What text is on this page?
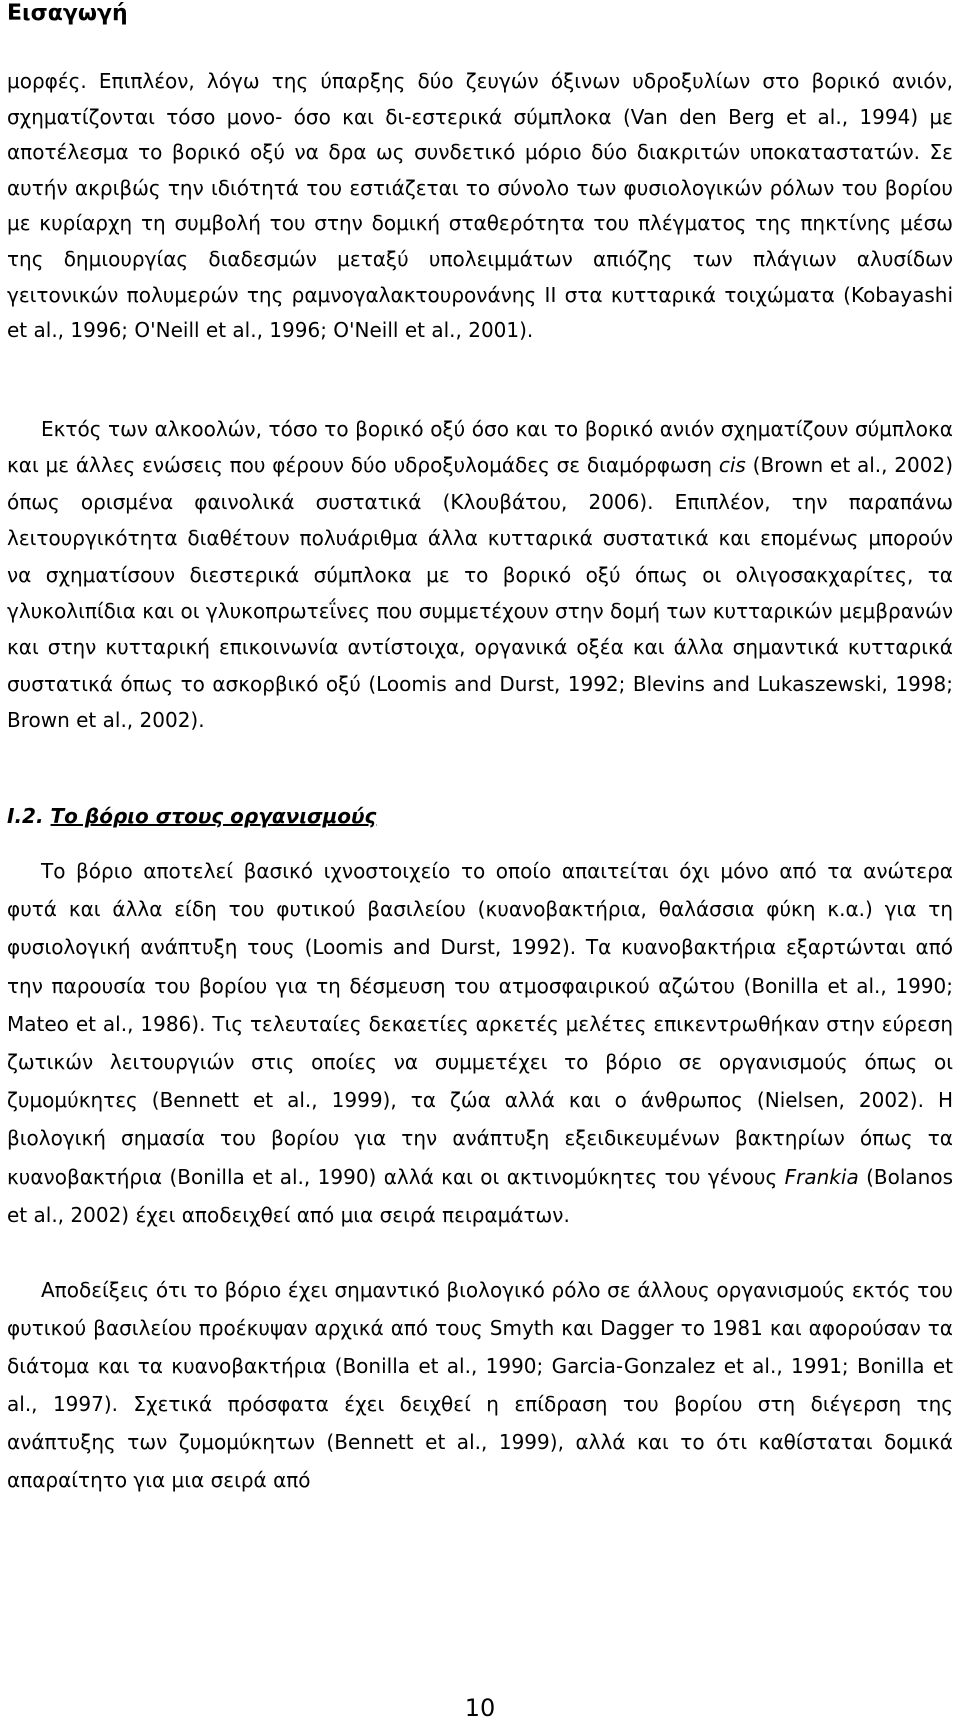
Εισαγωγή

μορφές. Επιπλέον, λόγω της ύπαρξης δύο ζευγών όξινων υδροξυλίων στο βορικό ανιόν, σχηματίζονται τόσο μονο- όσο και δι-εστερικά σύμπλοκα (Van den Berg et al., 1994) με αποτέλεσμα το βορικό οξύ να δρα ως συνδετικό μόριο δύο διακριτών υποκαταστατών. Σε αυτήν ακριβώς την ιδιότητά του εστιάζεται το σύνολο των φυσιολογικών ρόλων του βορίου με κυρίαρχη τη συμβολή του στην δομική σταθερότητα του πλέγματος της πηκτίνης μέσω της δημιουργίας διαδεσμών μεταξύ υπολειμμάτων απιόζης των πλάγιων αλυσίδων γειτονικών πολυμερών της ραμνογαλακτουρονάνης II στα κυτταρικά τοιχώματα (Kobayashi et al., 1996; O'Neill et al., 1996; O'Neill et al., 2001).

Εκτός των αλκοολών, τόσο το βορικό οξύ όσο και το βορικό ανιόν σχηματίζουν σύμπλοκα και με άλλες ενώσεις που φέρουν δύο υδροξυλομάδες σε διαμόρφωση cis (Brown et al., 2002) όπως ορισμένα φαινολικά συστατικά (Κλουβάτου, 2006). Επιπλέον, την παραπάνω λειτουργικότητα διαθέτουν πολυάριθμα άλλα κυτταρικά συστατικά και επομένως μπορούν να σχηματίσουν διεστερικά σύμπλοκα με το βορικό οξύ όπως οι ολιγοσακχαρίτες, τα γλυκολιπίδια και οι γλυκοπρωτεΐνες που συμμετέχουν στην δομή των κυτταρικών μεμβρανών και στην κυτταρική επικοινωνία αντίστοιχα, οργανικά οξέα και άλλα σημαντικά κυτταρικά συστατικά όπως το ασκορβικό οξύ (Loomis and Durst, 1992; Blevins and Lukaszewski, 1998; Brown et al., 2002).

I.2. Το βόριο στους οργανισμούς

Το βόριο αποτελεί βασικό ιχνοστοιχείο το οποίο απαιτείται όχι μόνο από τα ανώτερα φυτά και άλλα είδη του φυτικού βασιλείου (κυανοβακτήρια, θαλάσσια φύκη κ.α.) για τη φυσιολογική ανάπτυξη τους (Loomis and Durst, 1992). Τα κυανοβακτήρια εξαρτώνται από την παρουσία του βορίου για τη δέσμευση του ατμοσφαιρικού αζώτου (Bonilla et al., 1990; Mateo et al., 1986). Τις τελευταίες δεκαετίες αρκετές μελέτες επικεντρωθήκαν στην εύρεση ζωτικών λειτουργιών στις οποίες να συμμετέχει το βόριο σε οργανισμούς όπως οι ζυμομύκητες (Bennett et al., 1999), τα ζώα αλλά και ο άνθρωπος (Nielsen, 2002). Η βιολογική σημασία του βορίου για την ανάπτυξη εξειδικευμένων βακτηρίων όπως τα κυανοβακτήρια (Bonilla et al., 1990) αλλά και οι ακτινομύκητες του γένους Frankia (Bolanos et al., 2002) έχει αποδειχθεί από μια σειρά πειραμάτων.

Αποδείξεις ότι το βόριο έχει σημαντικό βιολογικό ρόλο σε άλλους οργανισμούς εκτός του φυτικού βασιλείου προέκυψαν αρχικά από τους Smyth και Dagger το 1981 και αφορούσαν τα διάτομα και τα κυανοβακτήρια (Bonilla et al., 1990; Garcia-Gonzalez et al., 1991; Bonilla et al., 1997). Σχετικά πρόσφατα έχει δειχθεί η επίδραση του βορίου στη διέγερση της ανάπτυξης των ζυμομύκητων (Bennett et al., 1999), αλλά και το ότι καθίσταται δομικά απαραίτητο για μια σειρά από

10
